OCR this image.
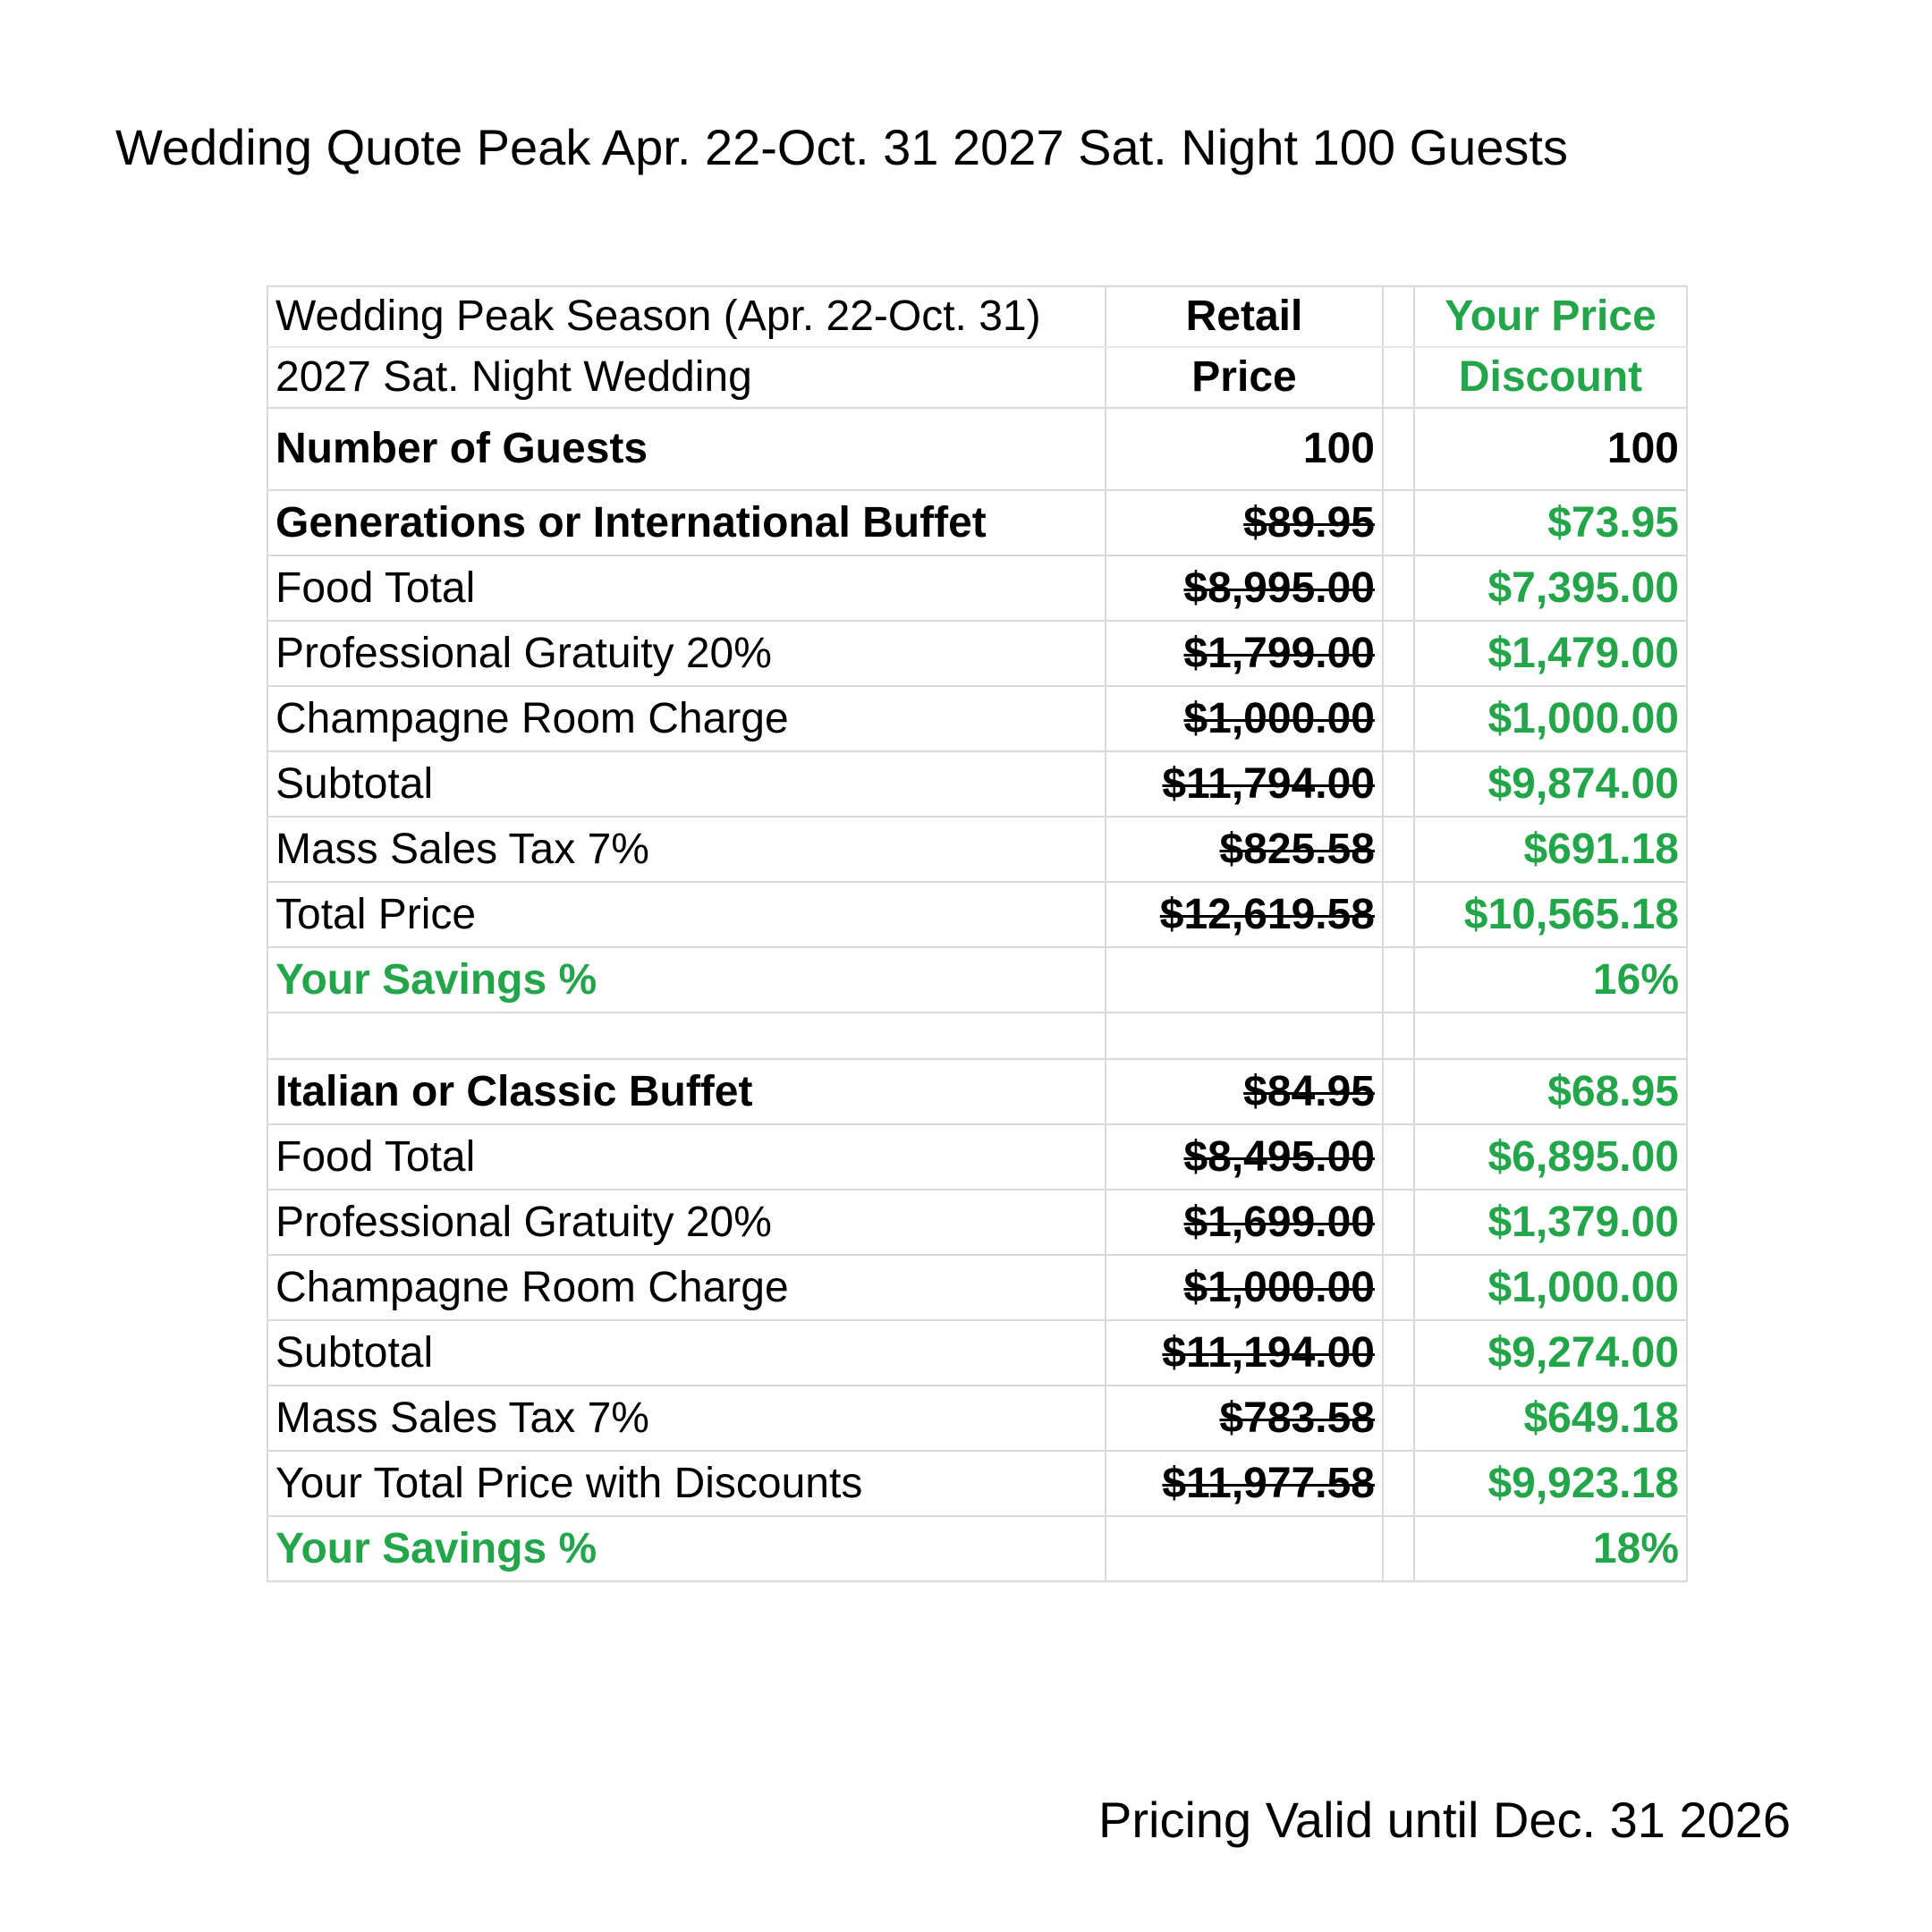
Wedding Quote Peak Apr. 22-Oct. 31 2027 Sat. Night 100 Guests
Wedding Peak Season (Apr. 22-Oct. 31)	Retail		Your Price
2027 Sat. Night Wedding	Price		Discount
Number of Guests	100		100
Generations or International Buffet	$89.95		$73.95
Food Total	$8,995.00		$7,395.00
Professional Gratuity 20%	$1,799.00		$1,479.00
Champagne Room Charge	$1,000.00		$1,000.00
Subtotal	$11,794.00		$9,874.00
Mass Sales Tax 7%	$825.58		$691.18
Total Price	$12,619.58		$10,565.18
Your Savings %			16%

Italian or Classic Buffet	$84.95		$68.95
Food Total	$8,495.00		$6,895.00
Professional Gratuity 20%	$1,699.00		$1,379.00
Champagne Room Charge	$1,000.00		$1,000.00
Subtotal	$11,194.00		$9,274.00
Mass Sales Tax 7%	$783.58		$649.18
Your Total Price with Discounts	$11,977.58		$9,923.18
Your Savings %			18%
Pricing Valid until Dec. 31 2026
